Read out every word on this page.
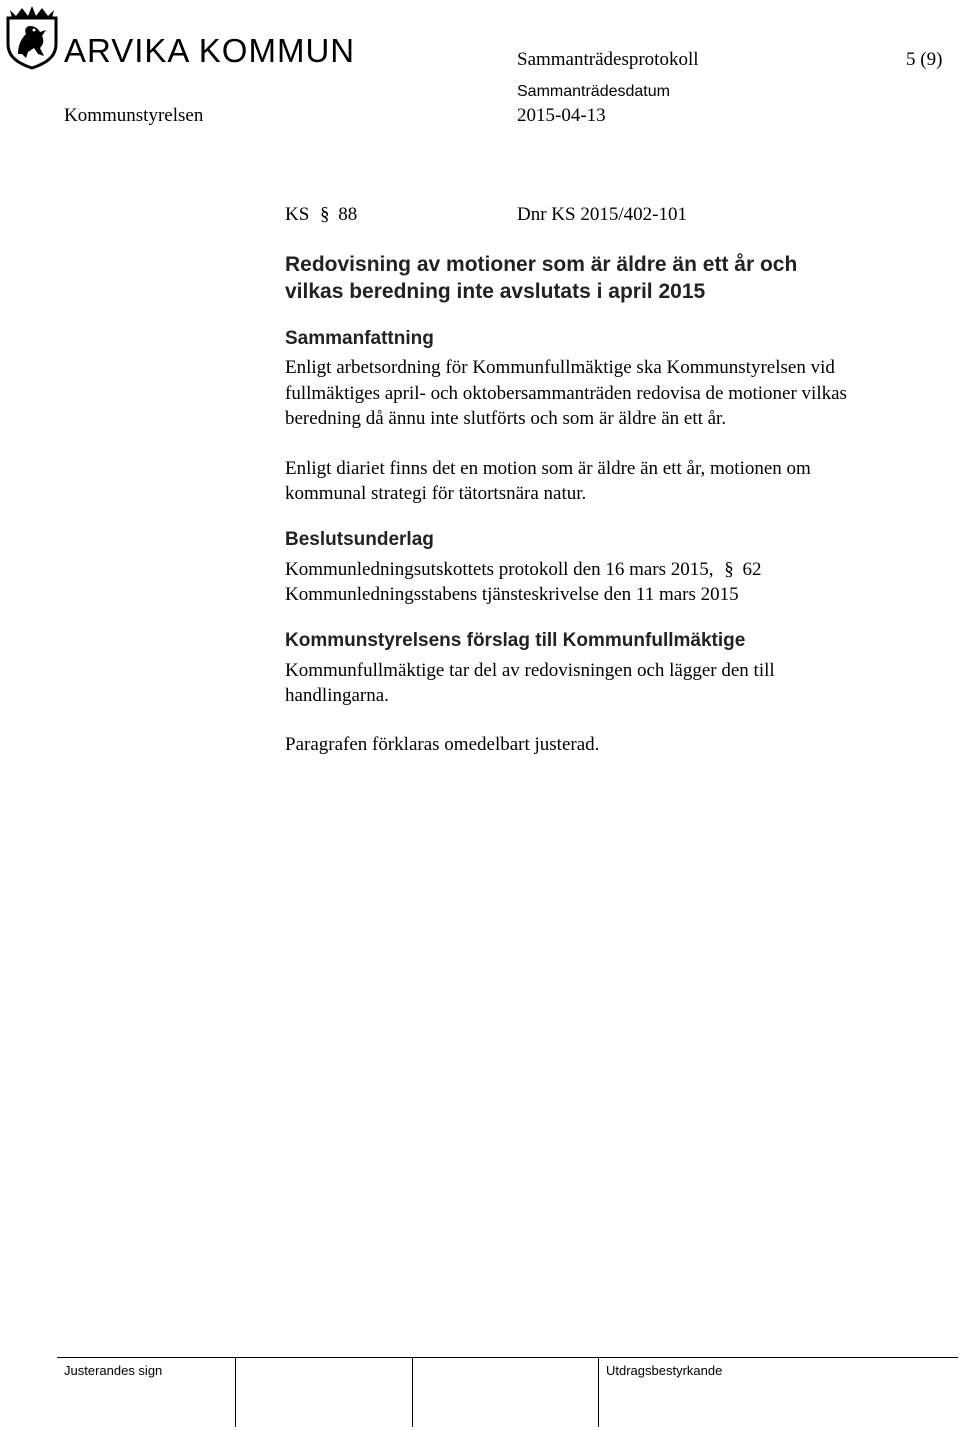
ARVIKA KOMMUN	Sammanträdesprotokoll	5 (9)
Kommunstyrelsen
Sammanträdesdatum
2015-04-13
KS § 88	Dnr KS 2015/402-101
Redovisning av motioner som är äldre än ett år och
vilkas beredning inte avslutats i april 2015
Sammanfattning
Enligt arbetsordning för Kommunfullmäktige ska Kommunstyrelsen vid
fullmäktiges april- och oktobersammanträden redovisa de motioner vilkas
beredning då ännu inte slutförts och som är äldre än ett år.
Enligt diariet finns det en motion som är äldre än ett år, motionen om
kommunal strategi för tätortsnära natur.
Beslutsunderlag
Kommunledningsutskottets protokoll den 16 mars 2015, § 62
Kommunledningsstabens tjänsteskrivelse den 11 mars 2015
Kommunstyrelsens förslag till Kommunfullmäktige
Kommunfullmäktige tar del av redovisningen och lägger den till
handlingarna.
Paragrafen förklaras omedelbart justerad.
Justerandes sign	Utdragsbestyrkande
